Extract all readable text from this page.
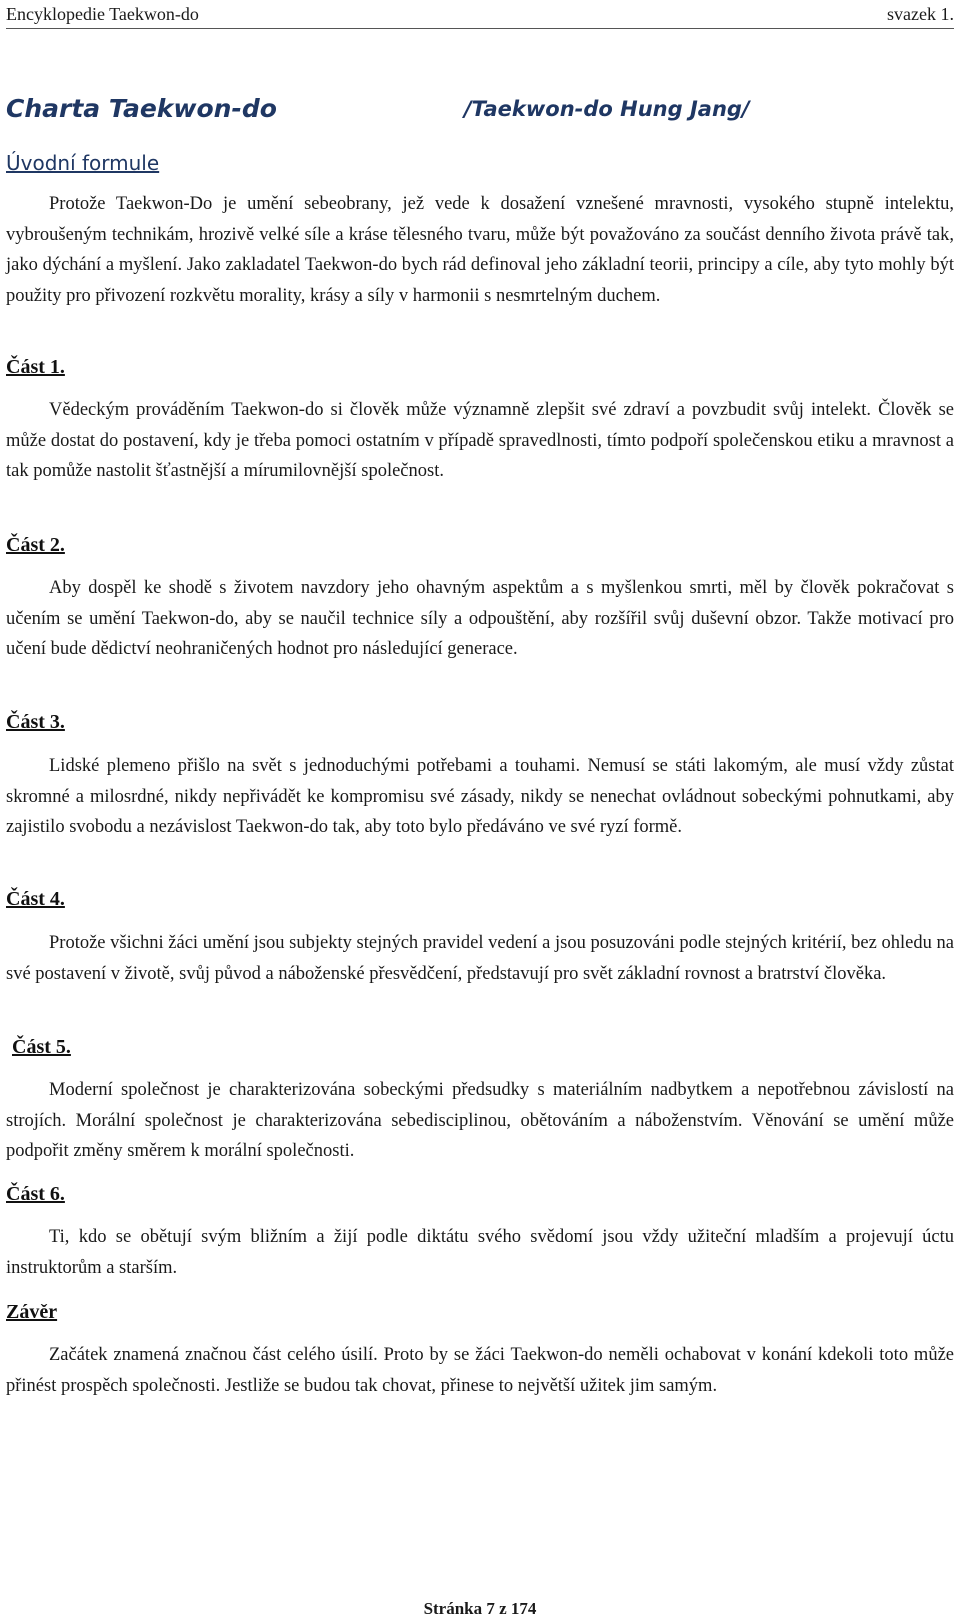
Encyklopedie Taekwon-do	svazek 1.
Charta Taekwon-do	/Taekwon-do Hung Jang/
Úvodní formule

Protože Taekwon-Do je umění sebeobrany, jež vede k dosažení vznešené mravnosti, vysokého stupně intelektu, vybroušeným technikám, hrozivě velké síle a kráse tělesného tvaru, může být považováno za součást denního života právě tak, jako dýchání a myšlení. Jako zakladatel Taekwon-do bych rád definoval jeho základní teorii, principy a cíle, aby tyto mohly být použity pro přivození rozkvětu morality, krásy a síly v harmonii s nesmrtelným duchem.

Část 1.

Vědeckým prováděním Taekwon-do si člověk může významně zlepšit své zdraví a povzbudit svůj intelekt. Člověk se může dostat do postavení, kdy je třeba pomoci ostatním v případě spravedlnosti, tímto podpoří společenskou etiku a mravnost a tak pomůže nastolit šťastnější a mírumilovnější společnost.

Část 2.

Aby dospěl ke shodě s životem navzdory jeho ohavným aspektům a s myšlenkou smrti, měl by člověk pokračovat s učením se umění Taekwon-do, aby se naučil technice síly a odpouštění, aby rozšířil svůj duševní obzor. Takže motivací pro učení bude dědictví neohraničených hodnot pro následující generace.

Část 3.

Lidské plemeno přišlo na svět s jednoduchými potřebami a touhami. Nemusí se státi lakomým, ale musí vždy zůstat skromné a milosrdné, nikdy nepřivádět ke kompromisu své zásady, nikdy se nenechat ovládnout sobeckými pohnutkami, aby zajistilo svobodu a nezávislost Taekwon-do tak, aby toto bylo předáváno ve své ryzí formě.

Část 4.

Protože všichni žáci umění jsou subjekty stejných pravidel vedení a jsou posuzováni podle stejných kritérií, bez ohledu na své postavení v životě, svůj původ a náboženské přesvědčení, představují pro svět základní rovnost a bratrství člověka.

Část 5.

Moderní společnost je charakterizována sobeckými předsudky s materiálním nadbytkem a nepotřebnou závislostí na strojích. Morální společnost je charakterizována sebedisciplinou, obětováním a náboženstvím. Věnování se umění může podpořit změny směrem k morální společnosti.

Část 6.

Ti, kdo se obětují svým bližním a žijí podle diktátu svého svědomí jsou vždy užiteční mladším a projevují úctu instruktorům a starším.

Závěr

Začátek znamená značnou část celého úsilí. Proto by se žáci Taekwon-do neměli ochabovat v konání kdekoli toto může přinést prospěch společnosti. Jestliže se budou tak chovat, přinese to největší užitek jim samým.

Stránka 7 z 174
